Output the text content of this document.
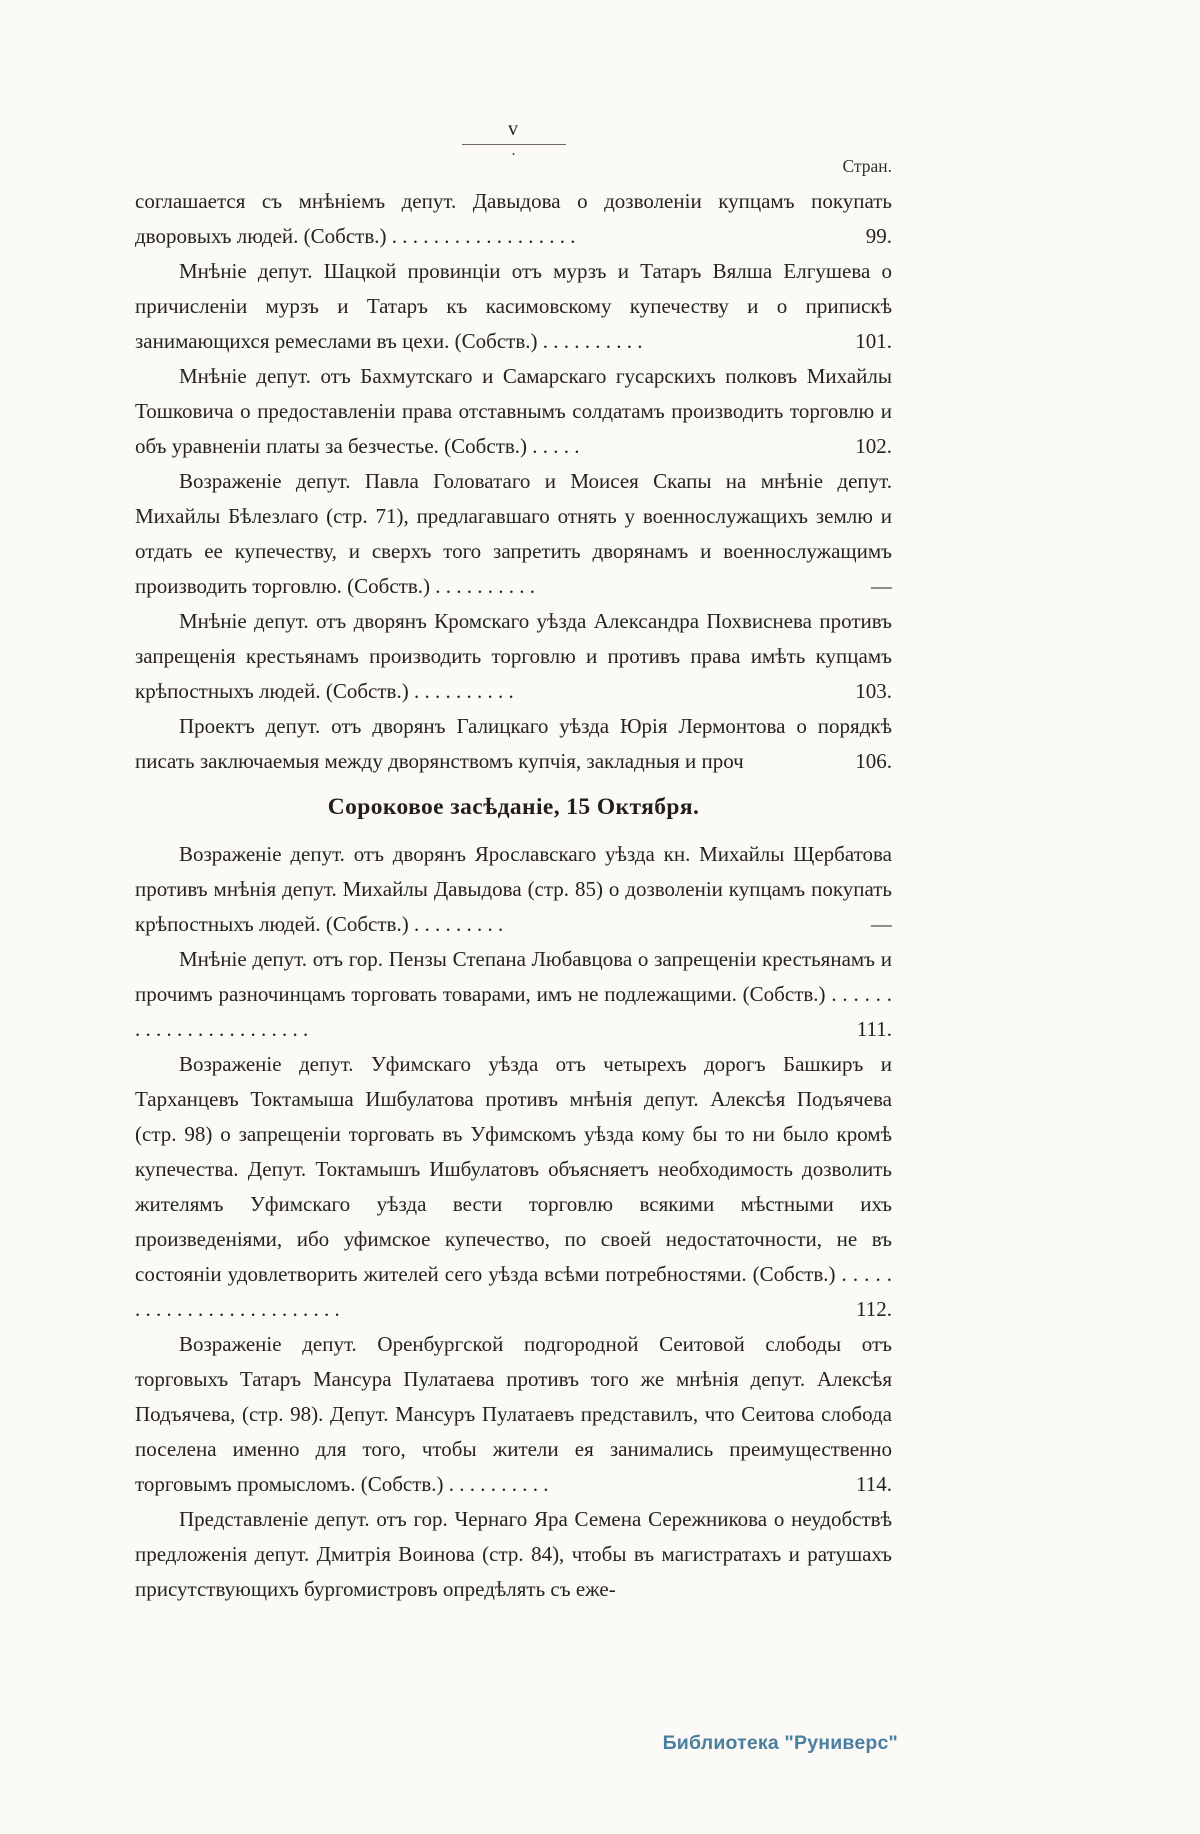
v
.
Стран.
соглашается съ мнѣніемъ депут. Давыдова о дозволеніи купцамъ покупать дворовыхъ людей. (Собств.) . . . . . . . . . . . . . . . . . .	99.
Мнѣніе депут. Шацкой провинціи отъ мурзъ и Татаръ Вялша Елгушева о причисленіи мурзъ и Татаръ къ касимовскому купечеству и о припискѣ занимающихся ремеслами въ цехи. (Собств.) . . . . . . . . . .	101.
Мнѣніе депут. отъ Бахмутскаго и Самарскаго гусарскихъ полковъ Михайлы Тошковича о предоставленіи права отставнымъ солдатамъ производить торговлю и объ уравненіи платы за безчестье. (Собств.) . . . . .	102.
Возраженіе депут. Павла Головатаго и Моисея Скапы на мнѣніе депут. Михайлы Бѣлезлаго (стр. 71), предлагавшаго отнять у военнослужащихъ землю и отдать ее купечеству, и сверхъ того запретить дворянамъ и военнослужащимъ производить торговлю. (Собств.) . . . . . . . . . .	—
Мнѣніе депут. отъ дворянъ Кромскаго уѣзда Александра Похвиснева противъ запрещенія крестьянамъ производить торговлю и противъ права имѣть купцамъ крѣпостныхъ людей. (Собств.) . . . . . . . . . .	103.
Проектъ депут. отъ дворянъ Галицкаго уѣзда Юрія Лермонтова о порядкѣ писать заключаемыя между дворянствомъ купчія, закладныя и проч	106.
Сороковое засѣданіе, 15 Октября.
Возраженіе депут. отъ дворянъ Ярославскаго уѣзда кн. Михайлы Щербатова противъ мнѣнія депут. Михайлы Давыдова (стр. 85) о дозволеніи купцамъ покупать крѣпостныхъ людей. (Собств.) . . . . . . . . .	—
Мнѣніе депут. отъ гор. Пензы Степана Любавцова о запрещеніи крестьянамъ и прочимъ разночинцамъ торговать товарами, имъ не подлежащими. (Собств.) . . . . . . . . . . . . . . . . . . . . . . .	111.
Возраженіе депут. Уфимскаго уѣзда отъ четырехъ дорогъ Башкиръ и Тарханцевъ Токтамыша Ишбулатова противъ мнѣнія депут. Алексѣя Подъячева (стр. 98) о запрещеніи торговать въ Уфимскомъ уѣзда кому бы то ни было кромѣ купечества. Депут. Токтамышъ Ишбулатовъ объясняетъ необходимость дозволить жителямъ Уфимскаго уѣзда вести торговлю всякими мѣстными ихъ произведеніями, ибо уфимское купечество, по своей недостаточности, не въ состояніи удовлетворить жителей сего уѣзда всѣми потребностями. (Собств.) . . . . . . . . . . . . . . . . . . . . . . . . .	112.
Возраженіе депут. Оренбургской подгородной Сеитовой слободы отъ торговыхъ Татаръ Мансура Пулатаева противъ того же мнѣнія депут. Алексѣя Подъячева, (стр. 98). Депут. Мансуръ Пулатаевъ представилъ, что Сеитова слобода поселена именно для того, чтобы жители ея занимались преимущественно торговымъ промысломъ. (Собств.) . . . . . . . . . .	114.
Представленіе депут. отъ гор. Чернаго Яра Семена Сережникова о неудобствѣ предложенія депут. Дмитрія Воинова (стр. 84), чтобы въ магистратахъ и ратушахъ присутствующихъ бургомистровъ опредѣлять съ еже-
Библиотека "Руниверс"
